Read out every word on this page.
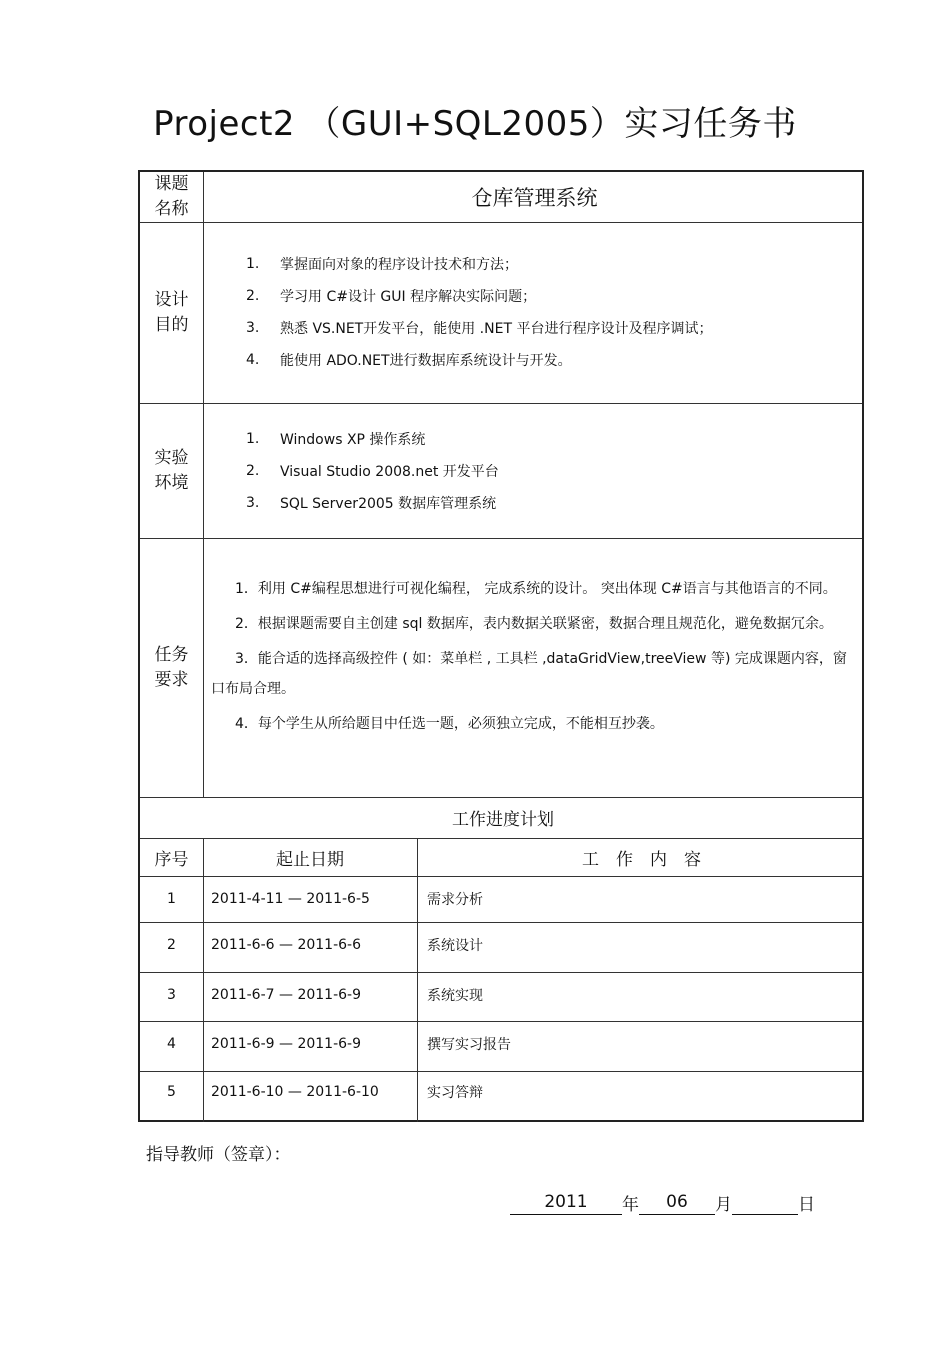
Project2 （GUI+SQL2005）实习任务书
课题
名称	仓库管理系统
设计
目的
1.	掌握面向对象的程序设计技术和方法；
2.	学习用 C#设计 GUI 程序解决实际问题；
3.	熟悉 VS.NET开发平台，能使用 .NET 平台进行程序设计及程序调试；
4.	能使用 ADO.NET进行数据库系统设计与开发。
实验
环境
1.	Windows XP 操作系统
2.	Visual Studio 2008.net 开发平台
3.	SQL Server2005 数据库管理系统
任务
要求

1．利用 C#编程思想进行可视化编程， 完成系统的设计。 突出体现 C#语言与其他语言的不同。

2．根据课题需要自主创建 sql 数据库，表内数据关联紧密，数据合理且规范化，避免数据冗余。

3．能合适的选择高级控件 ( 如：菜单栏 , 工具栏 ,dataGridView,treeView 等) 完成课题内容，窗口布局合理。

4．每个学生从所给题目中任选一题，必须独立完成，不能相互抄袭。

工作进度计划
序号	起止日期	工　作　内　容
1	2011-4-11 — 2011-6-5	需求分析
2	2011-6-6 — 2011-6-6	系统设计
3	2011-6-7 — 2011-6-9	系统实现
4	2011-6-9 — 2011-6-9	撰写实习报告
5	2011-6-10 — 2011-6-10	实习答辩
指导教师（签章）：
2011	年	06	月	日
